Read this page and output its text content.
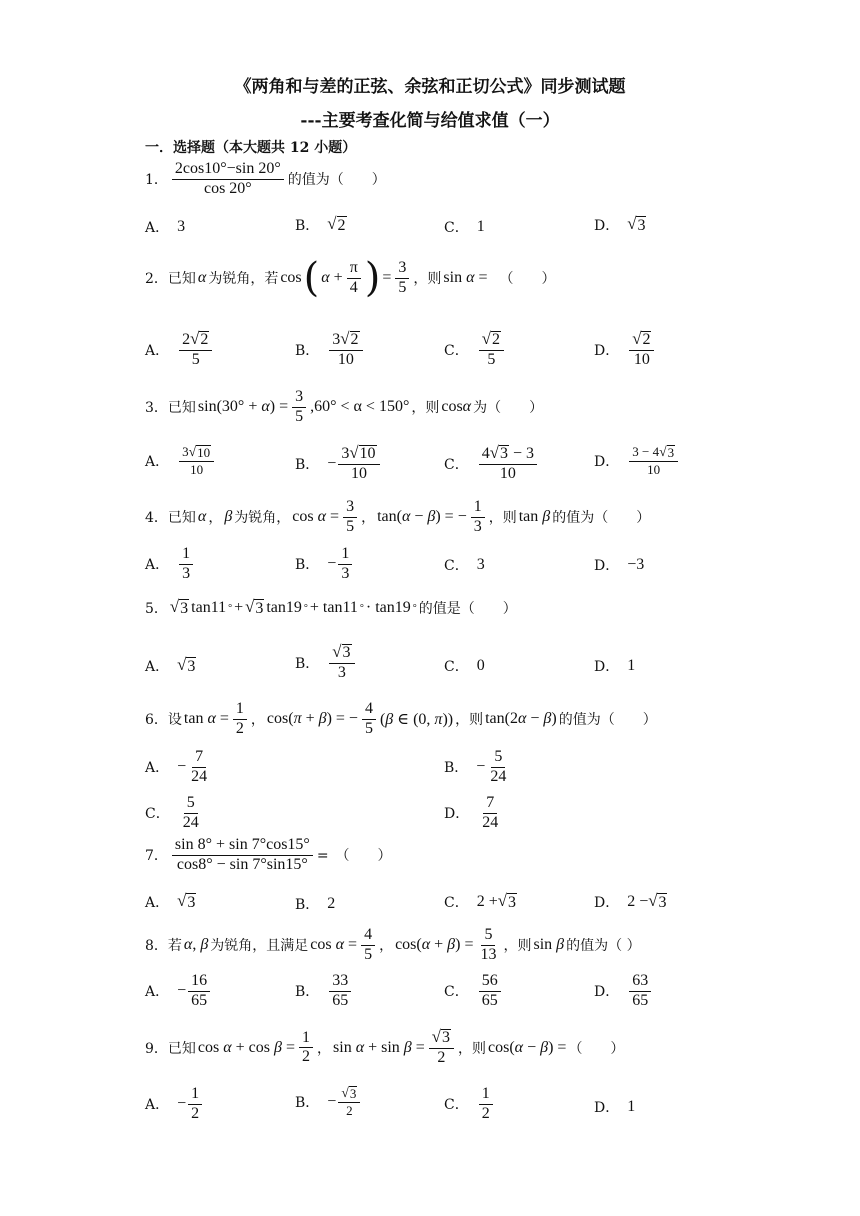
《两角和与差的正弦、余弦和正切公式》同步测试题
---主要考查化简与给值求值（一）
一．选择题（本大题共 12 小题）
1． $\frac{2\cos 10^\circ-\sin 20^\circ}{\cos 20^\circ}$ 的值为（　　）
A． 3	B． √ 2	C． 1	D． √ 3
2．已知 α 为锐角，若 cos ( $\alpha + \frac{\pi}{4}$ ) = $\frac{3}{5}$ ，则 sin α = （　　）
A． $\frac{2 √ 2}{5}$	B． $\frac{3 √ 2}{10}$	C． $\frac{√ 2}{5}$	D． $\frac{√ 2}{10}$
3．已知 $\sin(30^\circ + \alpha) = \frac{3}{5} ,60^\circ < \alpha < 150^\circ$ ，则 cosα 为（　　）
A． $\frac{3 √ 10}{10}$	B． − $\frac{3 √ 10}{10}$	C． $\frac{4 √ 3 - 3}{10}$	D． $\frac{3 - 4 √ 3}{10}$
4．已知 α ， β 为锐角， $\cos \alpha = \frac{3}{5}$ ， tan(α − β) = − $\frac{1}{3}$ ，则 tan β 的值为（　　）
A． $\frac{1}{3}$	B． − $\frac{1}{3}$	C． 3	D． −3
5． √ 3 tan11 ° + √ 3 tan19 ° + tan11 ° · tan19 ° 的值是（　　）
A． √ 3	B． $\frac{√ 3}{3}$	C． 0	D． 1
6．设 $\tan \alpha = \frac{1}{2}$ ， cos(π + β) = − $\frac{4}{5} (\beta$ ∈ (0, π)) ，则 tan(2α − β) 的值为（　　）
A． − $\frac{7}{24}$	B． − $\frac{5}{24}$
C． $\frac{5}{24}$	D． $\frac{7}{24}$
7． $\frac{\sin 8^\circ + \sin 7^\circ\cos 15^\circ}{\cos 8^\circ - \sin 7^\circ\sin 15^\circ}$ =　（　　）
A． √ 3	B． 2	C． 2 + √ 3	D． 2 − √ 3
8．若 α, β 为锐角，且满足 $\cos \alpha = \frac{4}{5}$ ， $\cos(\alpha + \beta) = \frac{5}{13}$ ，则 sin β 的值为（ ）
A． − $\frac{16}{65}$	B． $\frac{33}{65}$	C． $\frac{56}{65}$	D． $\frac{63}{65}$
9．已知 $\cos \alpha + \cos \beta = \frac{1}{2}$ ， $\sin \alpha + \sin \beta = \frac{√ 3}{2}$ ，则 cos(α − β) = （　　）
A． − $\frac{1}{2}$	B． − $\frac{√ 3}{2}$	C． $\frac{1}{2}$	D． 1
